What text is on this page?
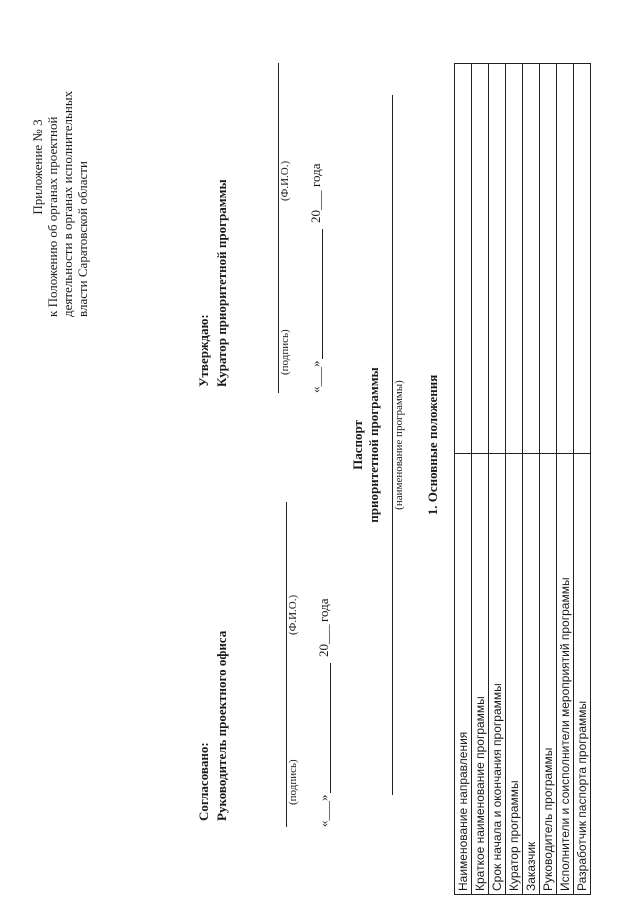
Приложение № 3 к Положению об органах проектной деятельности в органах исполнительных власти Саратовской области
Согласовано: Руководитель проектного офиса	(подпись)
(Ф.И.О.)
«___»
20___
года
Утверждаю: Куратор приоритетной программы	(подпись)
(Ф.И.О.)
«___»
20___
года
Паспорт приоритетной программы (наименование программы) 1. Основные положения
Наименование направления	
Краткое наименование программы	
Срок начала и окончания программы	
Куратор программы	
Заказчик	
Руководитель программы	
Исполнители и соисполнители мероприятий программы	
Разработчик паспорта программы	
